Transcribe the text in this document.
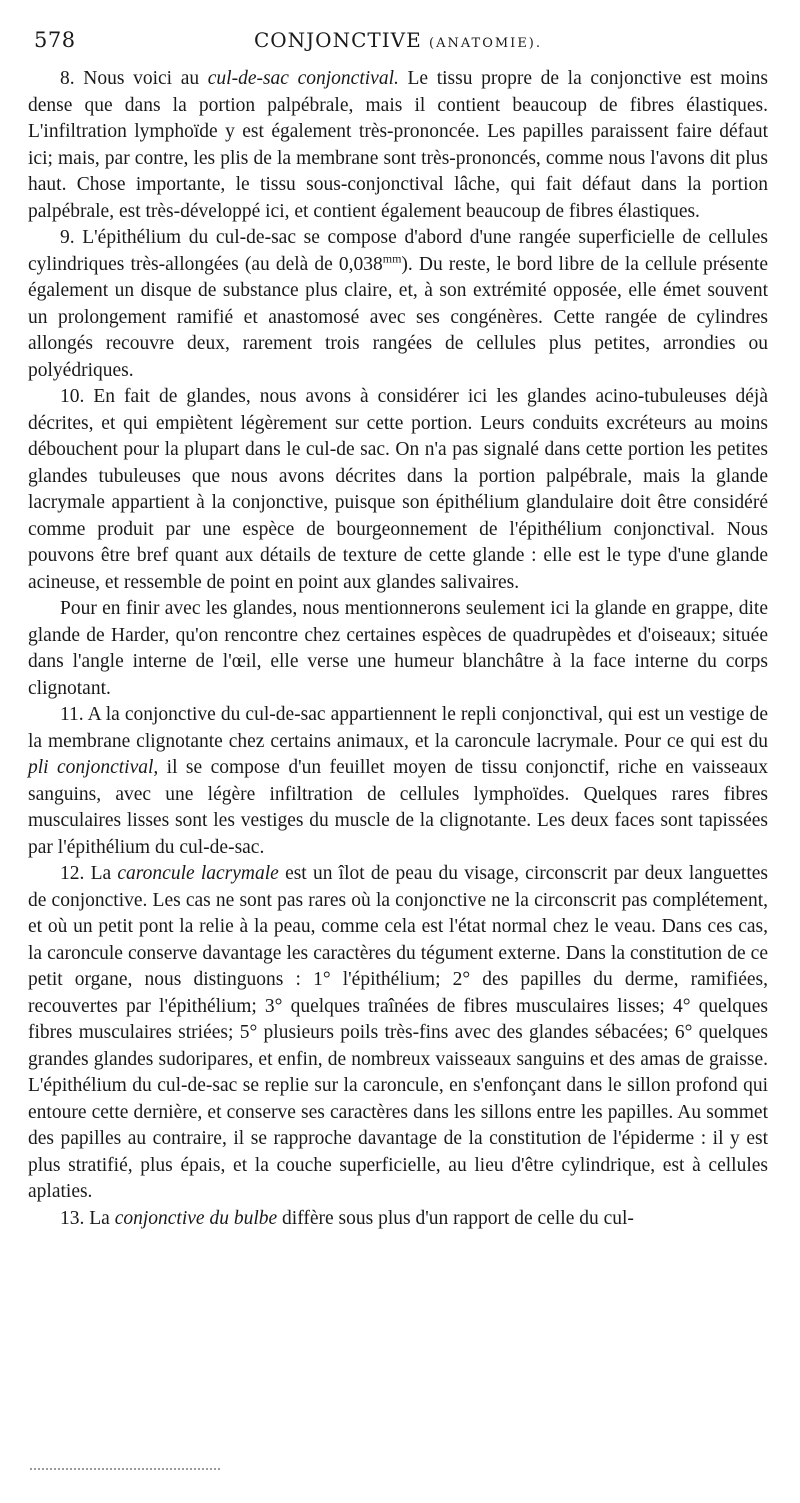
578	CONJONCTIVE (ANATOMIE).

8. Nous voici au cul-de-sac conjonctival. Le tissu propre de la conjonctive est moins dense que dans la portion palpébrale, mais il contient beaucoup de fibres élastiques. L'infiltration lymphoïde y est également très-prononcée. Les papilles paraissent faire défaut ici; mais, par contre, les plis de la membrane sont très-prononcés, comme nous l'avons dit plus haut. Chose importante, le tissu sous-conjonctival lâche, qui fait défaut dans la portion palpébrale, est très-développé ici, et contient également beaucoup de fibres élastiques.

9. L'épithélium du cul-de-sac se compose d'abord d'une rangée superficielle de cellules cylindriques très-allongées (au delà de $0,038^{mm}$). Du reste, le bord libre de la cellule présente également un disque de substance plus claire, et, à son extrémité opposée, elle émet souvent un prolongement ramifié et anastomosé avec ses congénères. Cette rangée de cylindres allongés recouvre deux, rarement trois rangées de cellules plus petites, arrondies ou polyédriques.

10. En fait de glandes, nous avons à considérer ici les glandes acino-tubuleuses déjà décrites, et qui empiètent légèrement sur cette portion. Leurs conduits excréteurs au moins débouchent pour la plupart dans le cul-de sac. On n'a pas signalé dans cette portion les petites glandes tubuleuses que nous avons décrites dans la portion palpébrale, mais la glande lacrymale appartient à la conjonctive, puisque son épithélium glandulaire doit être considéré comme produit par une espèce de bourgeonnement de l'épithélium conjonctival. Nous pouvons être bref quant aux détails de texture de cette glande : elle est le type d'une glande acineuse, et ressemble de point en point aux glandes salivaires.

Pour en finir avec les glandes, nous mentionnerons seulement ici la glande en grappe, dite glande de Harder, qu'on rencontre chez certaines espèces de quadrupèdes et d'oiseaux; située dans l'angle interne de l'œil, elle verse une humeur blanchâtre à la face interne du corps clignotant.

11. A la conjonctive du cul-de-sac appartiennent le repli conjonctival, qui est un vestige de la membrane clignotante chez certains animaux, et la caroncule lacrymale. Pour ce qui est du pli conjonctival, il se compose d'un feuillet moyen de tissu conjonctif, riche en vaisseaux sanguins, avec une légère infiltration de cellules lymphoïdes. Quelques rares fibres musculaires lisses sont les vestiges du muscle de la clignotante. Les deux faces sont tapissées par l'épithélium du cul-de-sac.

12. La caroncule lacrymale est un îlot de peau du visage, circonscrit par deux languettes de conjonctive. Les cas ne sont pas rares où la conjonctive ne la circonscrit pas complétement, et où un petit pont la relie à la peau, comme cela est l'état normal chez le veau. Dans ces cas, la caroncule conserve davantage les caractères du tégument externe. Dans la constitution de ce petit organe, nous distinguons : 1° l'épithélium; 2° des papilles du derme, ramifiées, recouvertes par l'épithélium; 3° quelques traînées de fibres musculaires lisses; 4° quelques fibres musculaires striées; 5° plusieurs poils très-fins avec des glandes sébacées; 6° quelques grandes glandes sudoripares, et enfin, de nombreux vaisseaux sanguins et des amas de graisse. L'épithélium du cul-de-sac se replie sur la caroncule, en s'enfonçant dans le sillon profond qui entoure cette dernière, et conserve ses caractères dans les sillons entre les papilles. Au sommet des papilles au contraire, il se rapproche davantage de la constitution de l'épiderme : il y est plus stratifié, plus épais, et la couche superficielle, au lieu d'être cylindrique, est à cellules aplaties.

13. La conjonctive du bulbe diffère sous plus d'un rapport de celle du cul-
